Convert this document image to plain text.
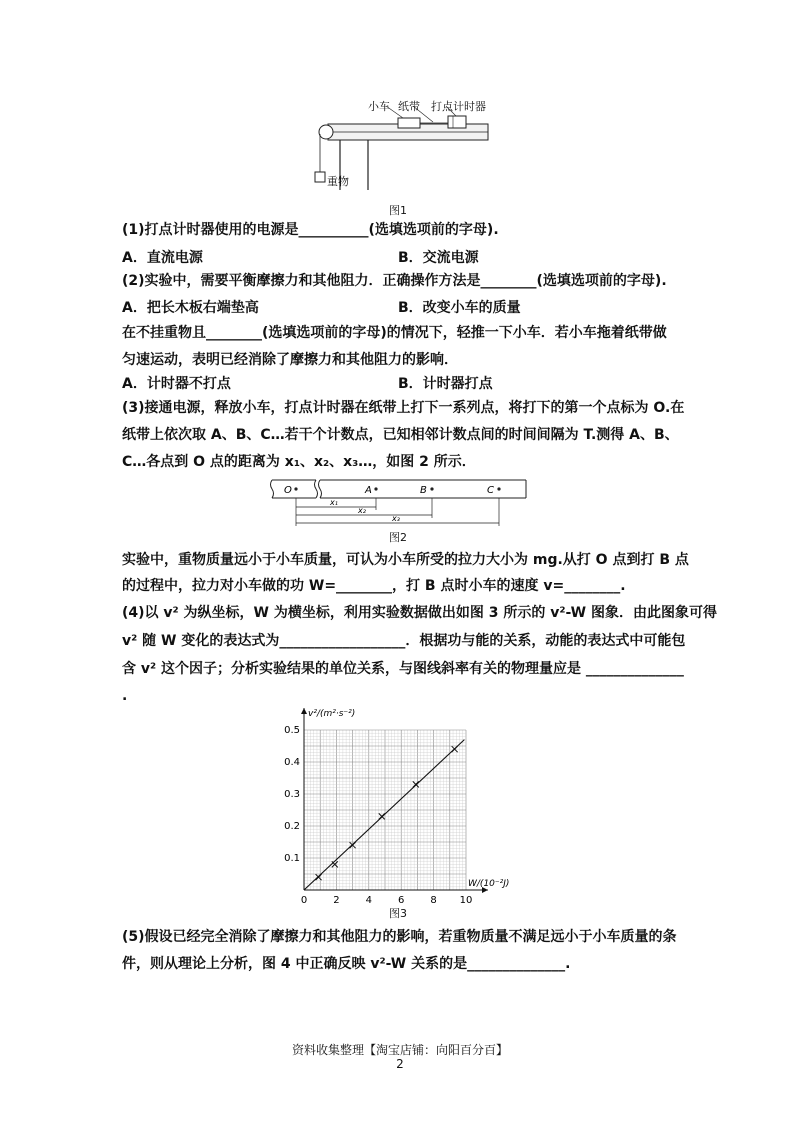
小车 纸带 打点计时器
重物
图1
(1)打点计时器使用的电源是__________(选填选项前的字母).
A．直流电源	B．交流电源
(2)实验中，需要平衡摩擦力和其他阻力．正确操作方法是________(选填选项前的字母).
A．把长木板右端垫高	B．改变小车的质量
在不挂重物且________(选填选项前的字母)的情况下，轻推一下小车．若小车拖着纸带做
匀速运动，表明已经消除了摩擦力和其他阻力的影响．
A．计时器不打点	B．计时器打点
(3)接通电源，释放小车，打点计时器在纸带上打下一系列点，将打下的第一个点标为 O.在
纸带上依次取 A、B、C…若干个计数点，已知相邻计数点间的时间间隔为 T.测得 A、B、
C…各点到 O 点的距离为 x₁、x₂、x₃…，如图 2 所示．
O	A	B	C
x₁
x₂
x₃
图2
实验中，重物质量远小于小车质量，可认为小车所受的拉力大小为 mg.从打 O 点到打 B 点
的过程中，拉力对小车做的功 W=________，打 B 点时小车的速度 v=________.
(4)以 v² 为纵坐标，W 为横坐标，利用实验数据做出如图 3 所示的 v²-W 图象．由此图象可得
v² 随 W 变化的表达式为__________________．根据功与能的关系，动能的表达式中可能包
含 v² 这个因子；分析实验结果的单位关系，与图线斜率有关的物理量应是 ______________
.
0	2	4	6	8 10
0.1
0.2
0.3
0.4
0.5
W/(10⁻²J)
v²/(m²·s⁻²)
图3
(5)假设已经完全消除了摩擦力和其他阻力的影响，若重物质量不满足远小于小车质量的条
件，则从理论上分析，图 4 中正确反映 v²-W 关系的是______________.
资料收集整理【淘宝店铺：向阳百分百】
2
